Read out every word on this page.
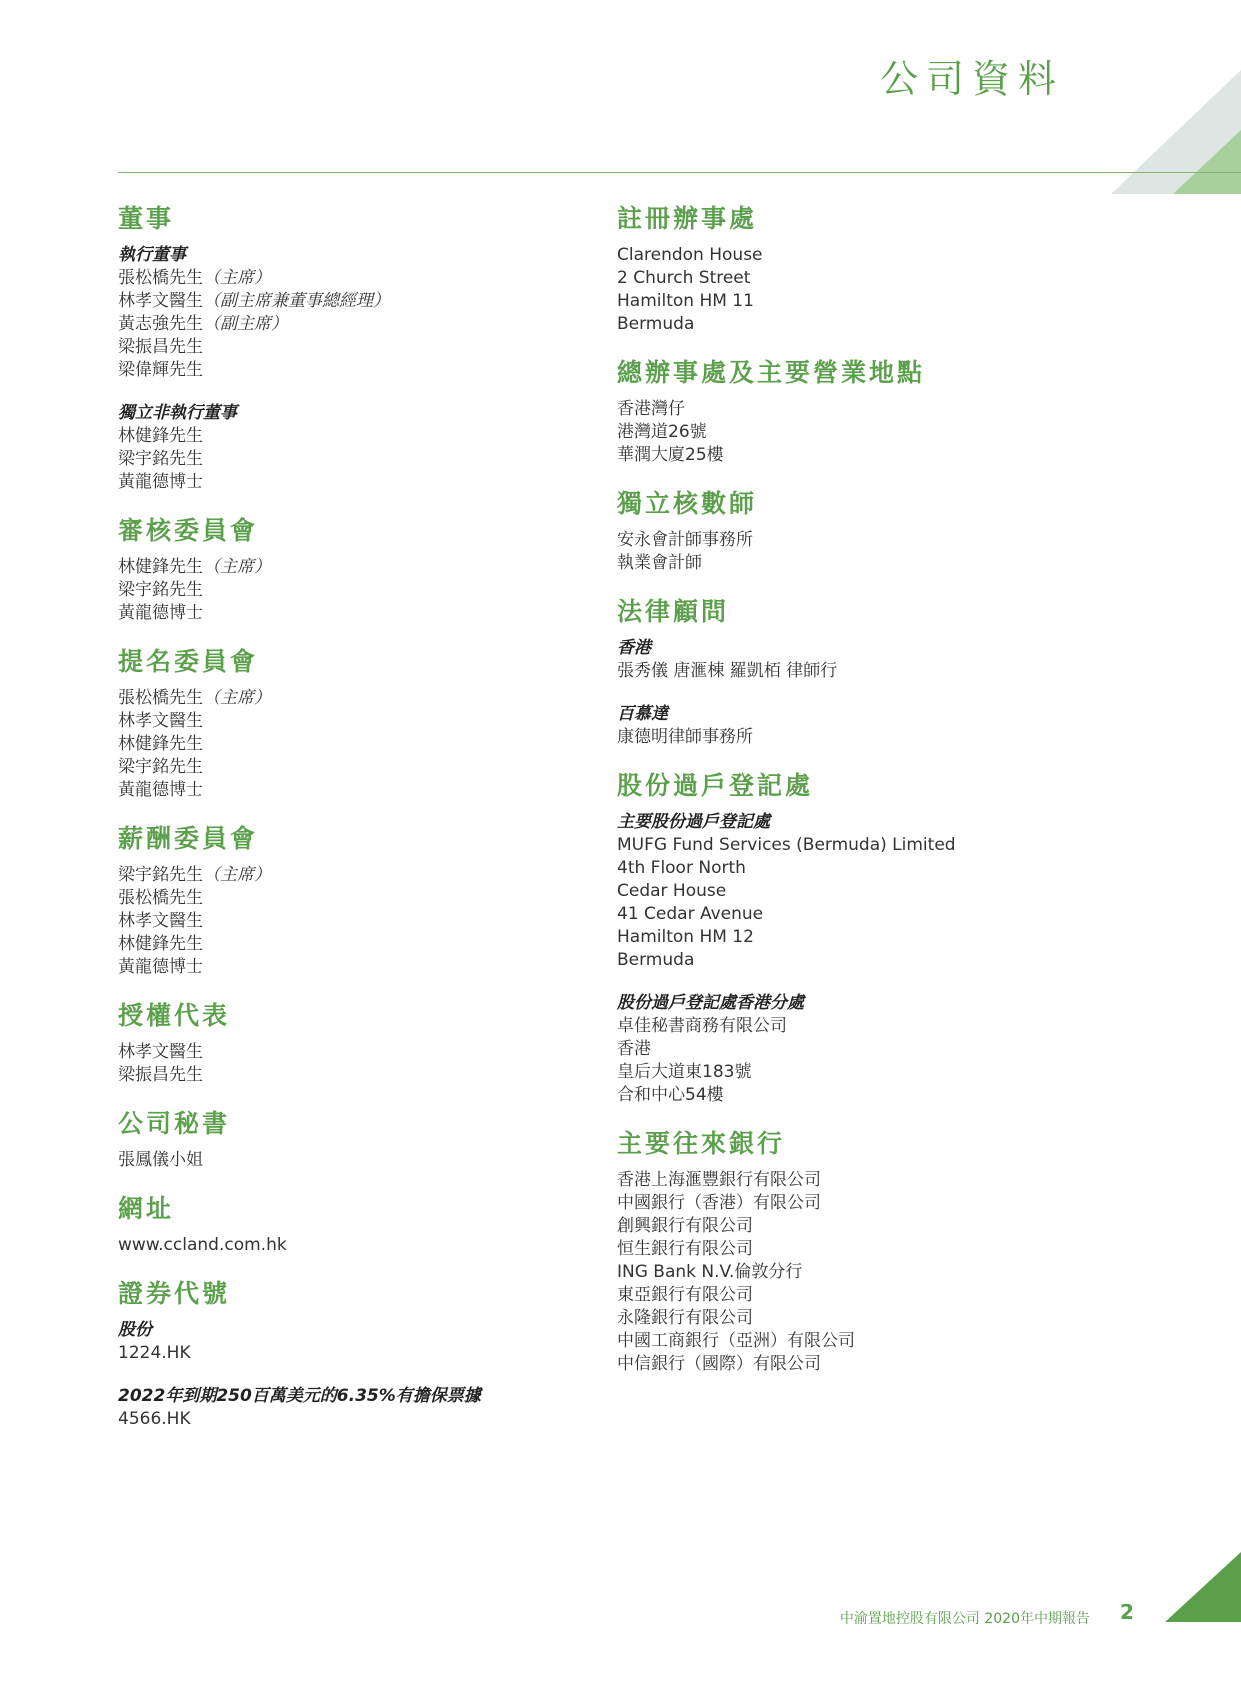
公司資料
董事
執行董事
張松橋先生（主席）
林孝文醫生（副主席兼董事總經理）
黃志強先生（副主席）
梁振昌先生
梁偉輝先生
獨立非執行董事
林健鋒先生
梁宇銘先生
黃龍德博士
審核委員會
林健鋒先生（主席）
梁宇銘先生
黃龍德博士
提名委員會
張松橋先生（主席）
林孝文醫生
林健鋒先生
梁宇銘先生
黃龍德博士
薪酬委員會
梁宇銘先生（主席）
張松橋先生
林孝文醫生
林健鋒先生
黃龍德博士
授權代表
林孝文醫生
梁振昌先生
公司秘書
張鳳儀小姐
網址
www.ccland.com.hk
證券代號
股份
1224.HK
2022年到期250百萬美元的6.35%有擔保票據
4566.HK
註冊辦事處
Clarendon House
2 Church Street
Hamilton HM 11
Bermuda
總辦事處及主要營業地點
香港灣仔
港灣道26號
華潤大廈25樓
獨立核數師
安永會計師事務所
執業會計師
法律顧問
香港
張秀儀 唐滙棟 羅凱栢 律師行
百慕達
康德明律師事務所
股份過戶登記處
主要股份過戶登記處
MUFG Fund Services (Bermuda) Limited
4th Floor North
Cedar House
41 Cedar Avenue
Hamilton HM 12
Bermuda
股份過戶登記處香港分處
卓佳秘書商務有限公司
香港
皇后大道東183號
合和中心54樓
主要往來銀行
香港上海滙豐銀行有限公司
中國銀行（香港）有限公司
創興銀行有限公司
恒生銀行有限公司
ING Bank N.V.倫敦分行
東亞銀行有限公司
永隆銀行有限公司
中國工商銀行（亞洲）有限公司
中信銀行（國際）有限公司
中渝置地控股有限公司 2020年中期報告 2
